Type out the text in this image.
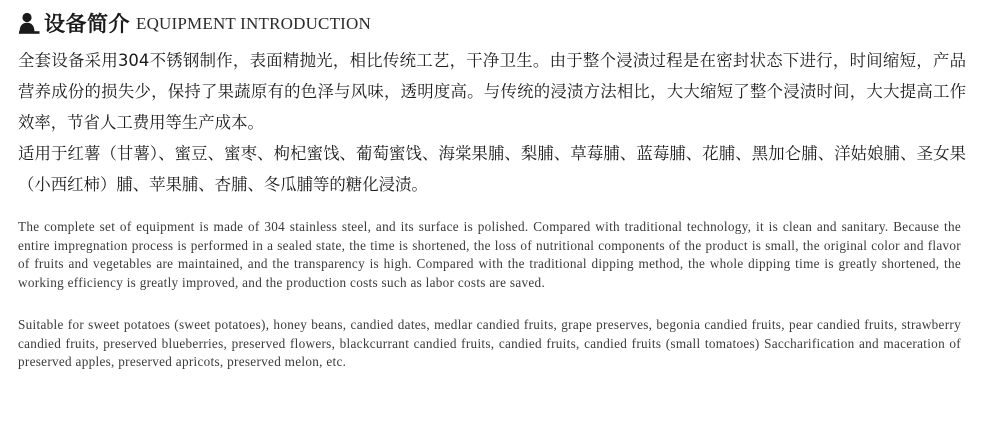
设备简介 EQUIPMENT INTRODUCTION

全套设备采用304不锈钢制作，表面精抛光，相比传统工艺，干净卫生。由于整个浸渍过程是在密封状态下进行，时间缩短，产品营养成份的损失少，保持了果蔬原有的色泽与风味，透明度高。与传统的浸渍方法相比，大大缩短了整个浸渍时间，大大提高工作效率，节省人工费用等生产成本。

适用于红薯（甘薯）、蜜豆、蜜枣、枸杞蜜饯、葡萄蜜饯、海棠果脯、梨脯、草莓脯、蓝莓脯、花脯、黑加仑脯、洋姑娘脯、圣女果（小西红柿）脯、苹果脯、杏脯、冬瓜脯等的糖化浸渍。

The complete set of equipment is made of 304 stainless steel, and its surface is polished. Compared with traditional technology, it is clean and sanitary. Because the entire impregnation process is performed in a sealed state, the time is shortened, the loss of nutritional components of the product is small, the original color and flavor of fruits and vegetables are maintained, and the transparency is high. Compared with the traditional dipping method, the whole dipping time is greatly shortened, the working efficiency is greatly improved, and the production costs such as labor costs are saved.

Suitable for sweet potatoes (sweet potatoes), honey beans, candied dates, medlar candied fruits, grape preserves, begonia candied fruits, pear candied fruits, strawberry candied fruits, preserved blueberries, preserved flowers, blackcurrant candied fruits, candied fruits, candied fruits (small tomatoes) Saccharification and maceration of preserved apples, preserved apricots, preserved melon, etc.
